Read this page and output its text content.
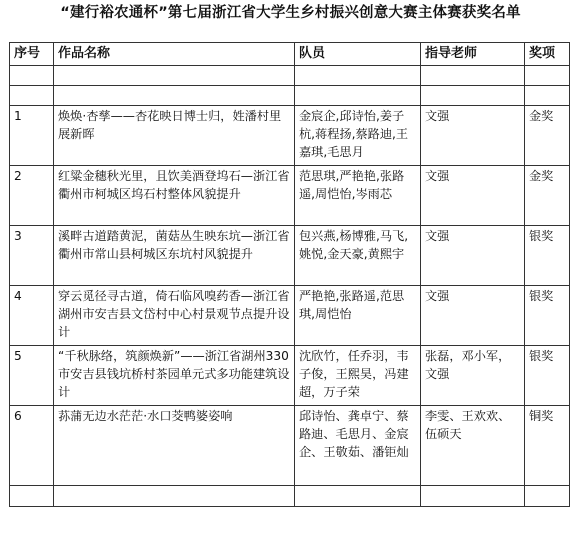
“建行裕农通杯”第七届浙江省大学生乡村振兴创意大赛主体赛获奖名单
序号	作品名称	队员	指导老师	奖项

1	焕焕·杏孳——杏花映日博士归，姓潘村里展新晖	金宸企,邱诗怡,姜子杭,蒋程扬,蔡路迪,王嘉琪,毛思月	文强	金奖
2	红粱金穗秋光里，且饮美酒登坞石—浙江省衢州市柯城区坞石村整体风貌提升	范思琪,严艳艳,张路遥,周恺怡,岑雨芯	文强	金奖
3	溪畔古道踏黄泥，菌菇丛生映东坑—浙江省衢州市常山县柯城区东坑村风貌提升	包兴燕,杨博雅,马飞,姚悦,金天豪,黄熙宇	文强	银奖
4	穿云觅径寻古道，倚石临风嗅药香—浙江省湖州市安吉县文岱村中心村景观节点提升设计	严艳艳,张路遥,范思琪,周恺怡	文强	银奖
5	“千秋脉络，筑颜焕新”——浙江省湖州330市安吉县钱坑桥村茶园单元式多功能建筑设计	沈欣竹，任乔羽，韦子俊，王熙昊，冯建超，万子荣	张磊，邓小军，文强	银奖
6	荪蒲无边水茫茫·水口茭鸭婆姿响	邱诗怡、龚卓宁、蔡路迪、毛思月、金宸企、王敬茹、潘钜灿	李雯、王欢欢、伍硕天	铜奖
